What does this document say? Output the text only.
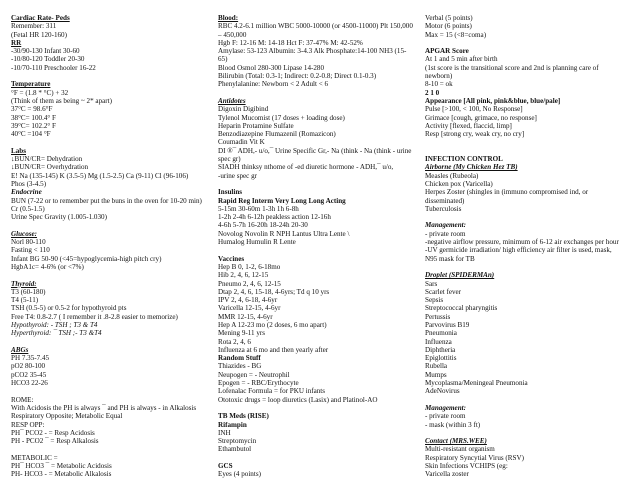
Cardiac Rate- Peds

Remember: 311

(Fetal HR 120-160)

RR

-30/90-130 Infant 30-60

-10/80-120 Toddler 20-30

-10/70-110 Preschooler 16-22

Temperature

°F = (1.8 * °C) + 32

(Think of them as being ~ 2* apart)

37°C = 98.6°F

38°C= 100.4° F

39°C= 102.2° F

40°C =104 °F

Labs

↓BUN/CR= Dehydration

↓BUN/CR= Overhydration

E! Na (135-145) K (3.5-5) Mg (1.5-2.5) Ca (9-11) Cl (96-106)

Phos (3-4.5)

Endocrine

BUN (7-22 or to remember put the buns in the oven for 10-20 min)

Cr (0.5-1.5)

Urine Spec Gravity (1.005-1.030)

Glucose:

Norl 80-110

Fasting < 110

Infant BG 50-90 (<45=hypoglycemia-high pitch cry)

HgbA1c= 4-6% (or <7%)

Thyroid:

T3 (60-180)

T4 (5-11)

TSH (0.5-5) or 0.5-2 for hypothyroid pts

Free T4: 0.8-2.7 ( I remember it .8-2.8 easier to memorize)

Hypothyroid: - TSH ; T3 & T4

Hyperthyroid: ¯ TSH ;- T3 &T4

ABGs

PH 7.35-7.45

pO2 80-100

pCO2 35-45

HCO3 22-26

ROME:

With Acidosis the PH is always ¯ and PH is always - in Alkalosis

Respiratory Opposite; Metabolic Equal

RESP OPP:

PH¯ PCO2 - = Resp Acidosis

PH - PCO2 ¯ = Resp Alkalosis

METABOLIC =

PH¯ HCO3 ¯ = Metabolic Acidosis

PH- HCO3 - = Metabolic Alkalosis

Blood:

RBC 4.2-6.1 million WBC 5000-10000 (or 4500-11000) Plt 150,000

– 450,000

Hgb F: 12-16 M: 14-18 Hct F: 37-47% M: 42-52%

Amylase: 53-123 Albumin: 3-4.3 Alk Phosphate:14-100 NH3 (15-

65)

Blood Osmol 280-300 Lipase 14-280

Bilirubin (Total: 0.3-1; Indirect: 0.2-0.8; Direct 0.1-0.3)

Phenylalanine: Newborn < 2 Adult < 6

Antidotes

Digoxin Digibind

Tylenol Mucomist (17 doses + loading dose)

Heparin Protamine Sulfate

Benzodiazepine Flumazenil (Romazicon)

Coumadin Vit K

DI ®¯ ADH,- u/o,¯ Urine Specific Gr,- Na (think - Na (think - urine

spec gr)

SIADH thinksy nthome of -ed diuretic hormone - ADH,¯ u/o,

-urine spec gr

Insulins

Rapid Reg Interm Very Long Long Acting

5-15m 30-60m 1-3h 1h 6-8h

1-2h 2-4h 6-12h peakless action 12-16h

4-6h 5-7h 16-20h 18-24h 20-30

Novolog Novolin R NPH Lantus Ultra Lente \

Humalog Humulin R Lente

Vaccines

Hep B 0, 1-2, 6-18mo

Hib 2, 4, 6, 12-15

Pneumo 2, 4, 6, 12-15

Dtap 2, 4, 6, 15-18, 4-6yrs; Td q 10 yrs

IPV 2, 4, 6-18, 4-6yr

Varicella 12-15, 4-6yr

MMR 12-15, 4-6yr

Hep A 12-23 mo (2 doses, 6 mo apart)

Mening 9-11 yrs

Rota 2, 4, 6

Influenza at 6 mo and then yearly after

Random Stuff

Thiazides - BG

Neupogen = - Neutrophil

Epogen = - RBC/Erythocyte

Lofenalac Formula = for PKU infants

Ototoxic drugs = loop diuretics (Lasix) and Platinol-AO

TB Meds (RISE)

Rifampin

INH

Streptomycin

Ethambutol

GCS

Eyes (4 points)

Verbal (5 points)

Motor (6 points)

Max = 15 (<8=coma)

APGAR Score

At 1 and 5 min after birth

(1st score is the transitional score and 2nd is planning care of

newborn)

8-10 = ok

2 1 0

Appearance [All pink, pink&blue, blue/pale]

Pulse [>100, < 100, No Response]

Grimace [cough, grimace, no response]

Activity [flexed, flaccid, limp]

Resp [strong cry, weak cry, no cry]

INFECTION CONTROL

Airborne (My Chicken Hez TB)

Measles (Rubeola)

Chicken pox (Varicella)

Herpes Zoster (shingles in (immuno compromised ind, or

disseminated)

Tuberculosis

Management:

- private room

-negative airflow pressure, minimum of 6-12 air exchanges per hour

-UV germicide irradiation/ high efficiency air filter is used, mask,

N95 mask for TB

Droplet (SPIDERMAn)

Sars

Scarlet fever

Sepsis

Streptococcal pharyngitis

Pertussis

Parvovirus B19

Pneumonia

Influenza

Diphtheria

Epiglottitis

Rubella

Mumps

Mycoplasma/Meningeal Pneumonia

AdeNovirus

Management:

- private room

- mask (within 3 ft)

Contact (MRS.WEE)

Multi-resistant organism

Respiratory Syncytial Virus (RSV)

Skin Infections VCHIPS (eg:

Varicella zoster
